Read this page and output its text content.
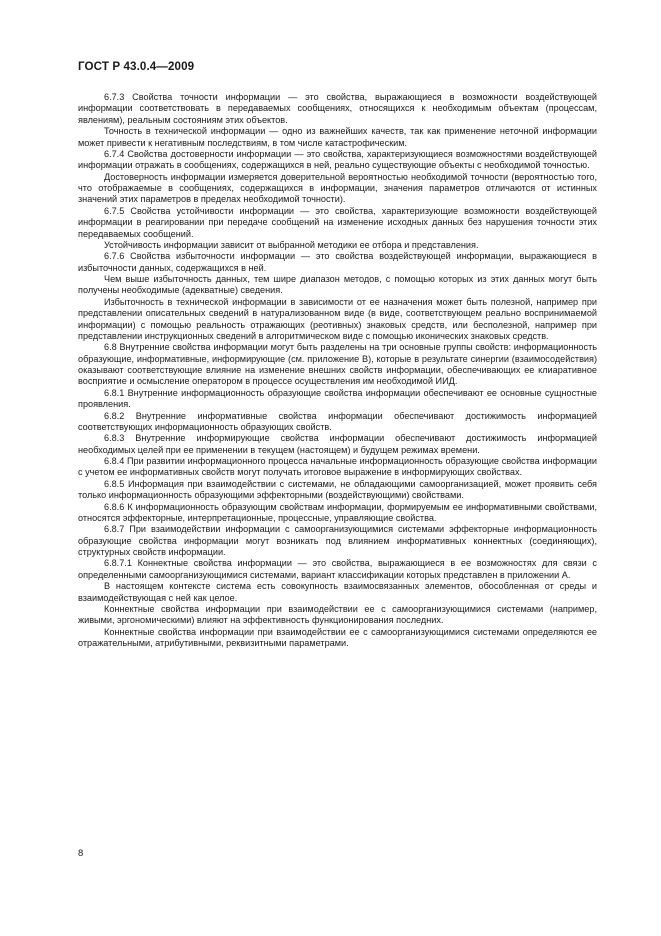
ГОСТ Р 43.0.4—2009

6.7.3 Свойства точности информации — это свойства, выражающиеся в возможности воздействующей информации соответствовать в передаваемых сообщениях, относящихся к необходимым объектам (процессам, явлениям), реальным состояниям этих объектов.

Точность в технической информации — одно из важнейших качеств, так как применение неточной информации может привести к негативным последствиям, в том числе катастрофическим.

6.7.4 Свойства достоверности информации — это свойства, характеризующиеся возможностями воздействующей информации отражать в сообщениях, содержащихся в ней, реально существующие объекты с необходимой точностью.

Достоверность информации измеряется доверительной вероятностью необходимой точности (вероятностью того, что отображаемые в сообщениях, содержащихся в информации, значения параметров отличаются от истинных значений этих параметров в пределах необходимой точности).

6.7.5 Свойства устойчивости информации — это свойства, характеризующие возможности воздействующей информации в реагировании при передаче сообщений на изменение исходных данных без нарушения точности этих передаваемых сообщений.

Устойчивость информации зависит от выбранной методики ее отбора и представления.

6.7.6 Свойства избыточности информации — это свойства воздействующей информации, выражающиеся в избыточности данных, содержащихся в ней.

Чем выше избыточность данных, тем шире диапазон методов, с помощью которых из этих данных могут быть получены необходимые (адекватные) сведения.

Избыточность в технической информации в зависимости от ее назначения может быть полезной, например при представлении описательных сведений в натурализованном виде (в виде, соответствующем реально воспринимаемой информации) с помощью реальность отражающих (реотивных) знаковых средств, или бесполезной, например при представлении инструкционных сведений в алгоритмическом виде с помощью иконических знаковых средств.

6.8 Внутренние свойства информации могут быть разделены на три основные группы свойств: информационность образующие, информативные, информирующие (см. приложение В), которые в результате синергии (взаимосодействия) оказывают соответствующие влияние на изменение внешних свойств информации, обеспечивающих ее клиаративное восприятие и осмысление оператором в процессе осуществления им необходимой ИИД.

6.8.1 Внутренние информационность образующие свойства информации обеспечивают ее основные сущностные проявления.

6.8.2 Внутренние информативные свойства информации обеспечивают достижимость информацией соответствующих информационность образующих свойств.

6.8.3 Внутренние информирующие свойства информации обеспечивают достижимость информацией необходимых целей при ее применении в текущем (настоящем) и будущем режимах времени.

6.8.4 При развитии информационного процесса начальные информационность образующие свойства информации с учетом ее информативных свойств могут получать итоговое выражение в информирующих свойствах.

6.8.5 Информация при взаимодействии с системами, не обладающими самоорганизацией, может проявить себя только информационность образующими эффекторными (воздействующими) свойствами.

6.8.6 К информационность образующим свойствам информации, формируемым ее информативными свойствами, относятся эффекторные, интерпретационные, процессные, управляющие свойства.

6.8.7 При взаимодействии информации с самоорганизующимися системами эффекторные информационность образующие свойства информации могут возникать под влиянием информативных коннектных (соединяющих), структурных свойств информации.

6.8.7.1 Коннектные свойства информации — это свойства, выражающиеся в ее возможностях для связи с определенными самоорганизующимися системами, вариант классификации которых представлен в приложении А.

В настоящем контексте система есть совокупность взаимосвязанных элементов, обособленная от среды и взаимодействующая с ней как целое.

Коннектные свойства информации при взаимодействии ее с самоорганизующимися системами (например, живыми, эргономическими) влияют на эффективность функционирования последних.

Коннектные свойства информации при взаимодействии ее с самоорганизующимися системами определяются ее отражательными, атрибутивными, реквизитными параметрами.

8
